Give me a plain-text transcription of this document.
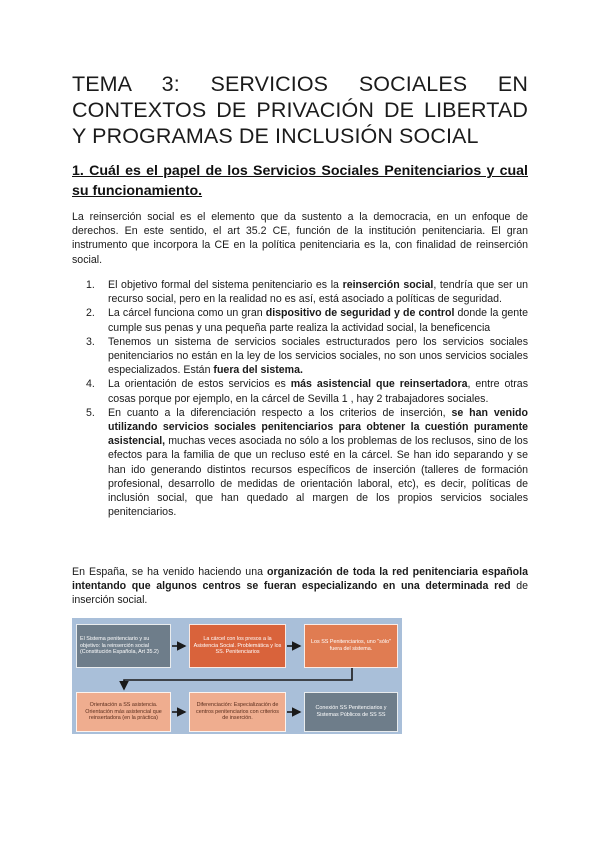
TEMA 3: SERVICIOS SOCIALES EN CONTEXTOS DE PRIVACIÓN DE LIBERTAD Y PROGRAMAS DE INCLUSIÓN SOCIAL
1. Cuál es el papel de los Servicios Sociales Penitenciarios y cual su funcionamiento.

La reinserción social es el elemento que da sustento a la democracia, en un enfoque de derechos. En este sentido, el art 35.2 CE, función de la institución penitenciaria. El gran instrumento que incorpora la CE en la política penitenciaria es la, con finalidad de reinserción social.

1. El objetivo formal del sistema penitenciario es la reinserción social, tendría que ser un recurso social, pero en la realidad no es así, está asociado a políticas de seguridad.
2. La cárcel funciona como un gran dispositivo de seguridad y de control donde la gente cumple sus penas y una pequeña parte realiza la actividad social, la beneficencia
3. Tenemos un sistema de servicios sociales estructurados pero los servicios sociales penitenciarios no están en la ley de los servicios sociales, no son unos servicios sociales especializados. Están fuera del sistema.
4. La orientación de estos servicios es más asistencial que reinsertadora, entre otras cosas porque por ejemplo, en la cárcel de Sevilla 1 , hay 2 trabajadores sociales.
5. En cuanto a la diferenciación respecto a los criterios de inserción, se han venido utilizando servicios sociales penitenciarios para obtener la cuestión puramente asistencial, muchas veces asociada no sólo a los problemas de los reclusos, sino de los efectos para la familia de que un recluso esté en la cárcel. Se han ido separando y se han ido generando distintos recursos específicos de inserción (talleres de formación profesional, desarrollo de medidas de orientación laboral, etc), es decir, políticas de inclusión social, que han quedado al margen de los propios servicios sociales penitenciarios.

En España, se ha venido haciendo una organización de toda la red penitenciaria española intentando que algunos centros se fueran especializando en una determinada red de inserción social.

El Sistema penitenciario y su objetivo: la reinserción social (Constitución Española, Art 35.2)
La cárcel con los presos a la Asistencia Social. Problemática y los SS. Penitenciarios
Los SS Penitenciarios, uno "sólo" fuera del sistema.
Orientación a SS asistencia. Orientación más asistencial que reinsertadora (en la práctica)
Diferenciación: Especialización de centros penitenciarios con criterios de inserción.
Conexión SS Penitenciarios y Sistemas Públicos de SS SS
